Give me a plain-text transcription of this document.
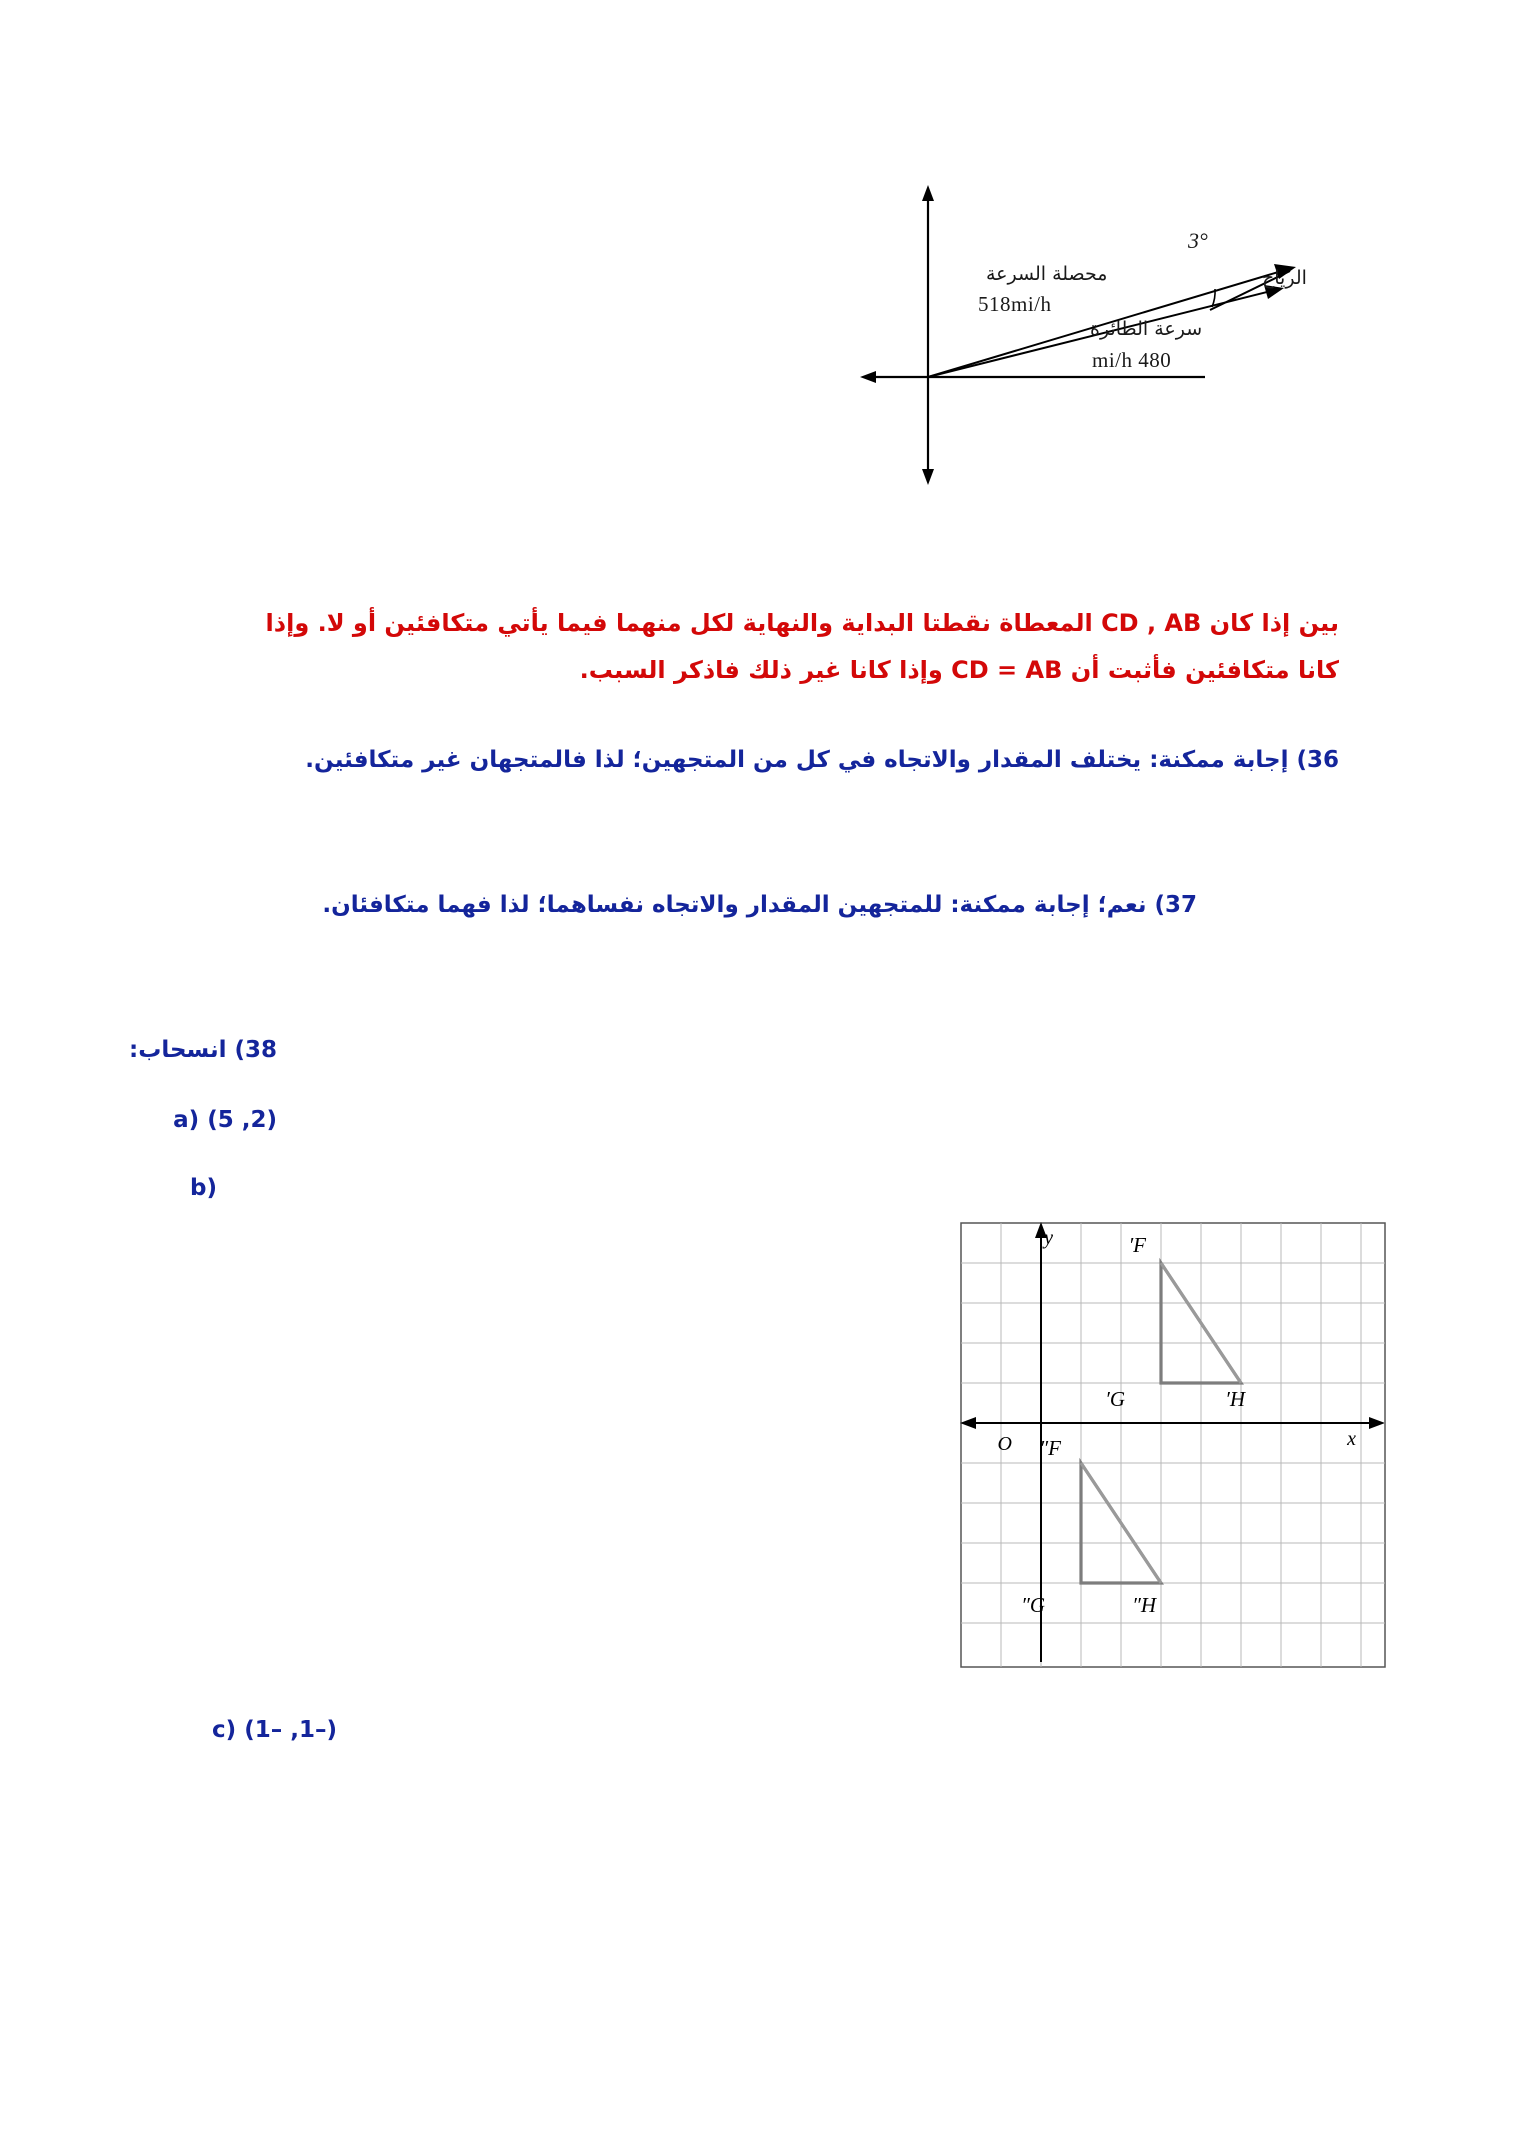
محصلة السرعة
518mi/h
سرعة الطائرة
480 mi/h
الرياح
3°
بين إذا كان CD , AB المعطاة نقطتا البداية والنهاية لكل منهما فيما يأتي متكافئين أو لا. وإذا
كانا متكافئين فأثبت أن CD = AB وإذا كانا غير ذلك فاذكر السبب.
36) إجابة ممكنة: يختلف المقدار والاتجاه في كل من المتجهين؛ لذا فالمتجهان غير متكافئين.
37) نعم؛ إجابة ممكنة: للمتجهين المقدار والاتجاه نفساهما؛ لذا فهما متكافئان.
38) انسحاب:
(2, 5) (a
(b
(–1, –1) (c
y
x
O
F′
G′	H′
F″
G″	H″
